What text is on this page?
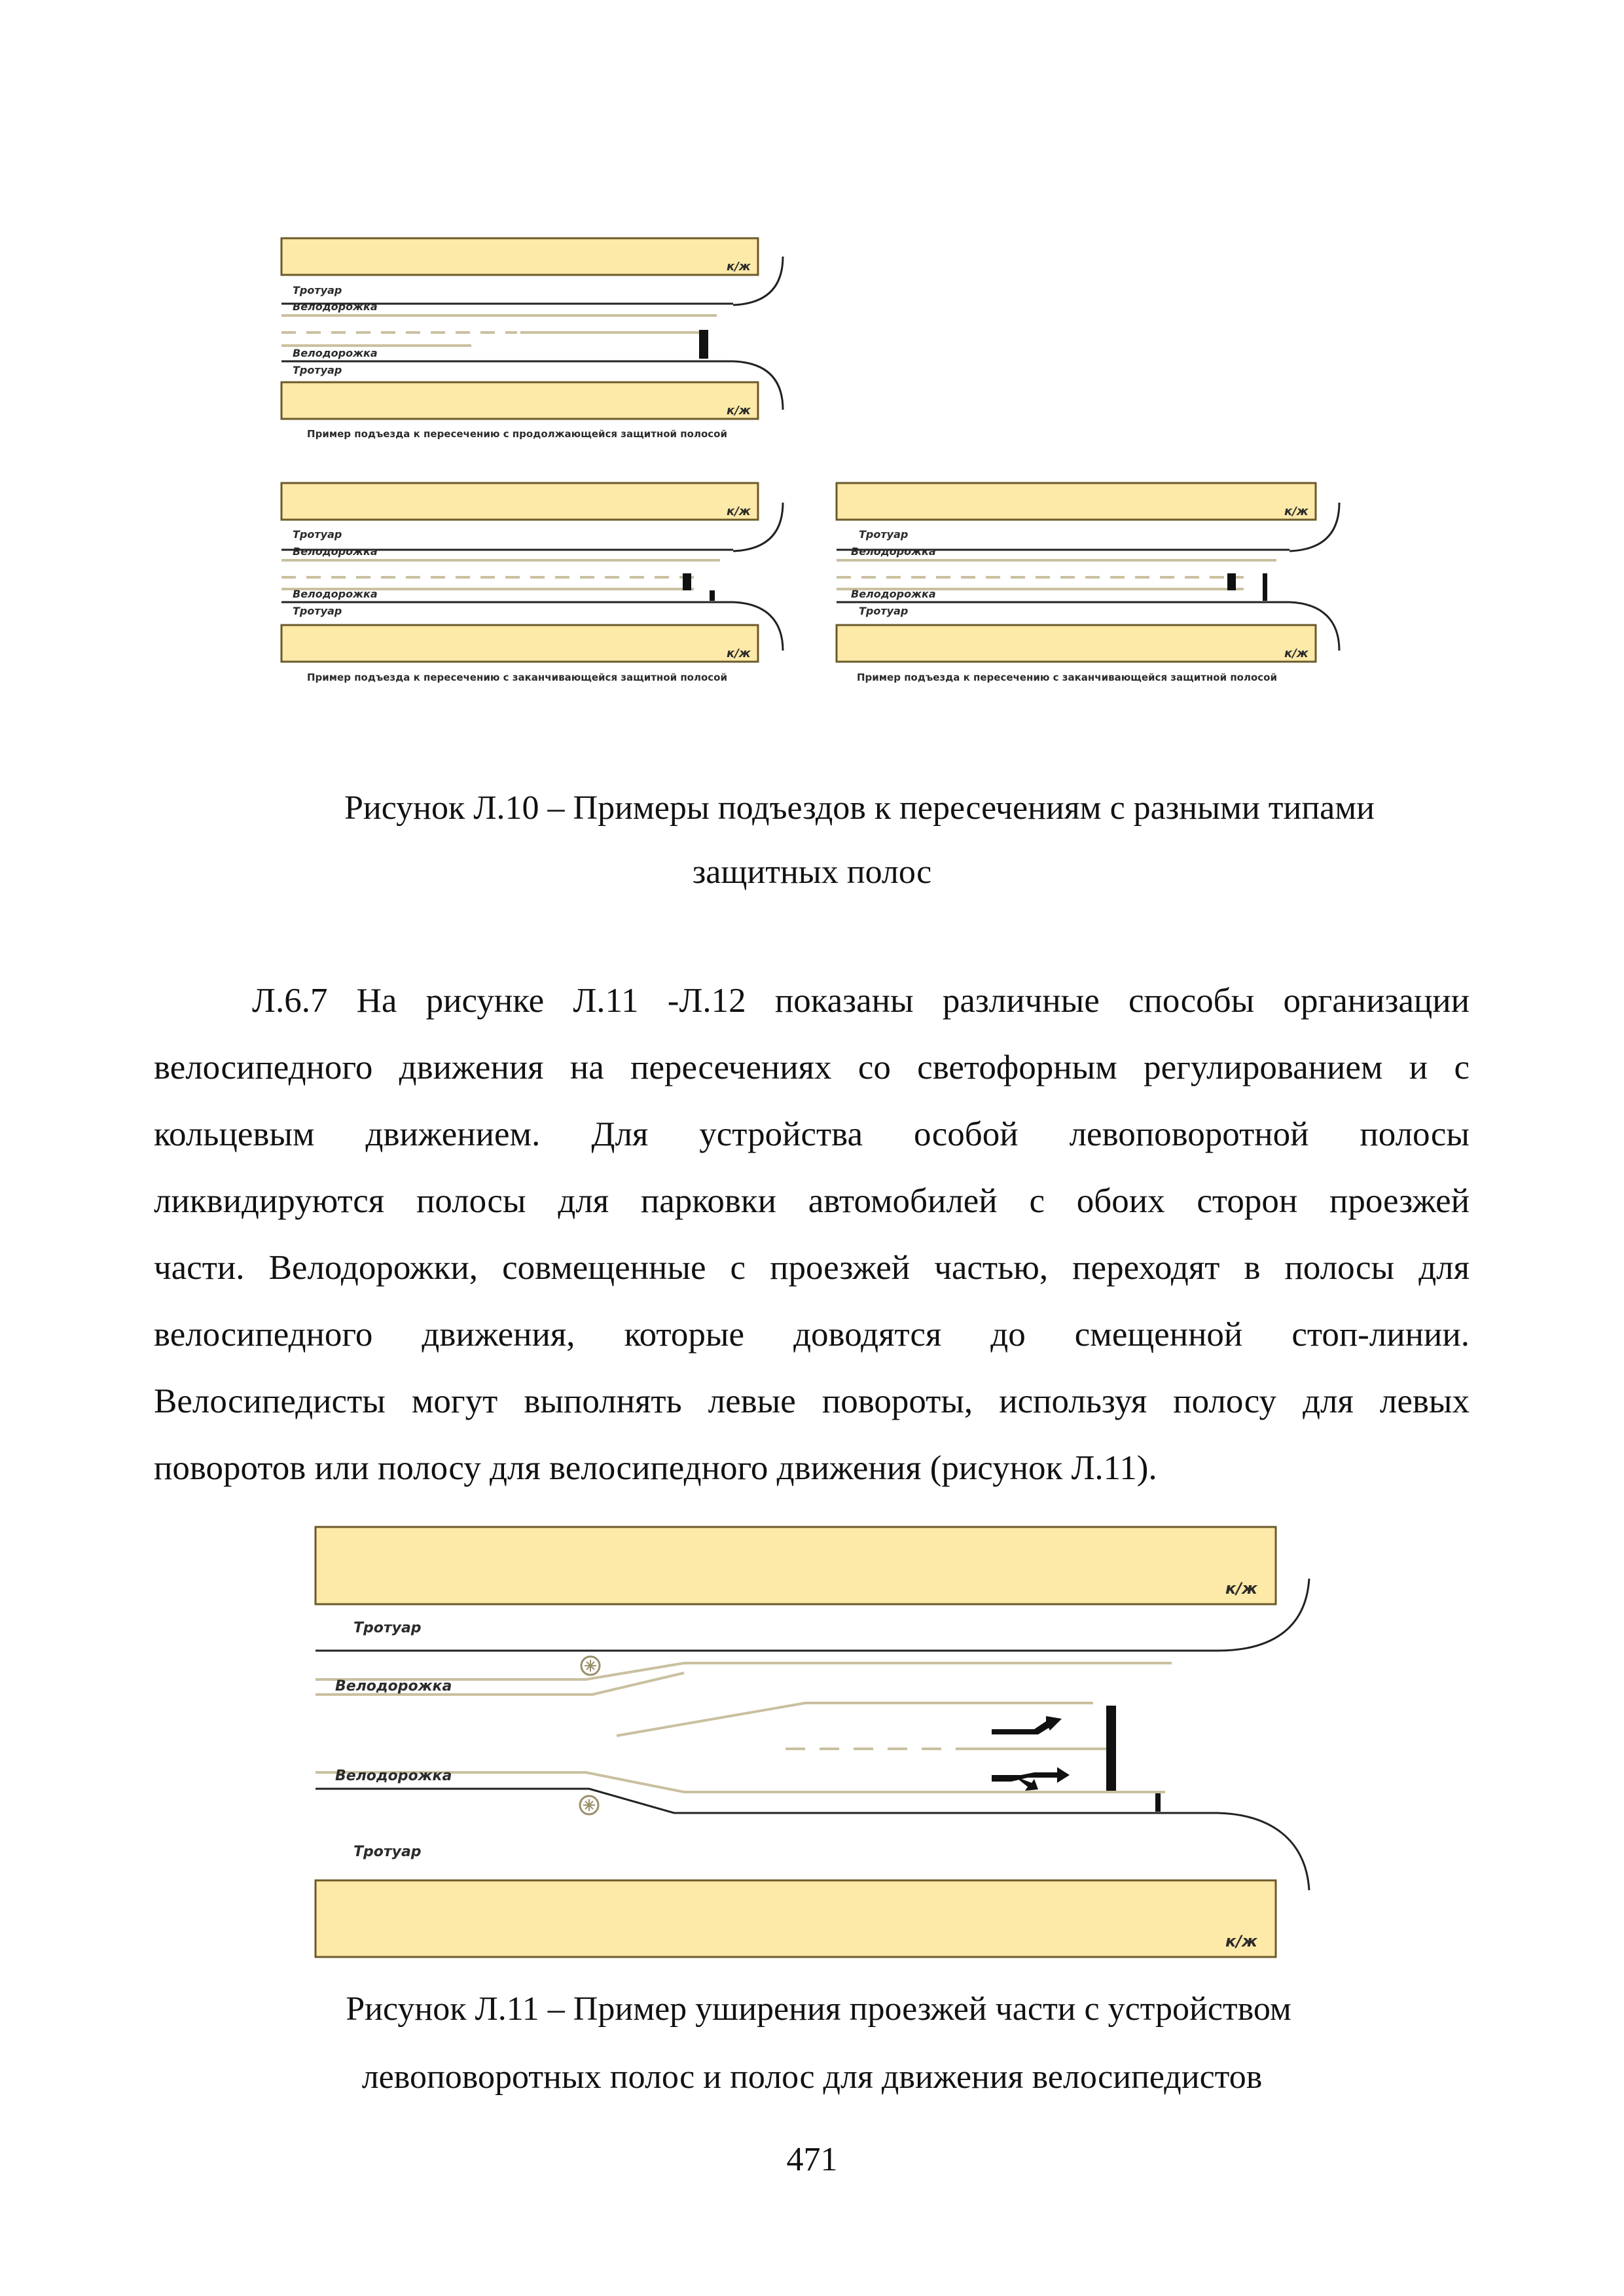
к/ж
Тротуар
Велодорожка
Велодорожка
Тротуар
к/ж
Пример подъезда к пересечению с продолжающейся защитной полосой
к/ж
Тротуар
Велодорожка
Велодорожка
Тротуар
к/ж
Пример подъезда к пересечению с заканчивающейся защитной полосой
к/ж
Тротуар
Велодорожка
Велодорожка
Тротуар
к/ж
Пример подъезда к пересечению с заканчивающейся защитной полосой
Рисунок Л.10 – Примеры подъездов к пересечениям с разными типами
защитных полос
Л.6.7 На рисунке Л.11 -Л.12 показаны различные способы организации
велосипедного движения на пересечениях со светофорным регулированием и с
кольцевым движением. Для устройства особой левоповоротной полосы
ликвидируются полосы для парковки автомобилей с обоих сторон проезжей
части. Велодорожки, совмещенные с проезжей частью, переходят в полосы для
велосипедного движения, которые доводятся до смещенной стоп-линии.
Велосипедисты могут выполнять левые повороты, используя полосу для левых
поворотов или полосу для велосипедного движения (рисунок Л.11).
к/ж
Тротуар
Велодорожка
Велодорожка
Тротуар
к/ж
Рисунок Л.11 – Пример уширения проезжей части с устройством
левоповоротных полос и полос для движения велосипедистов
471
